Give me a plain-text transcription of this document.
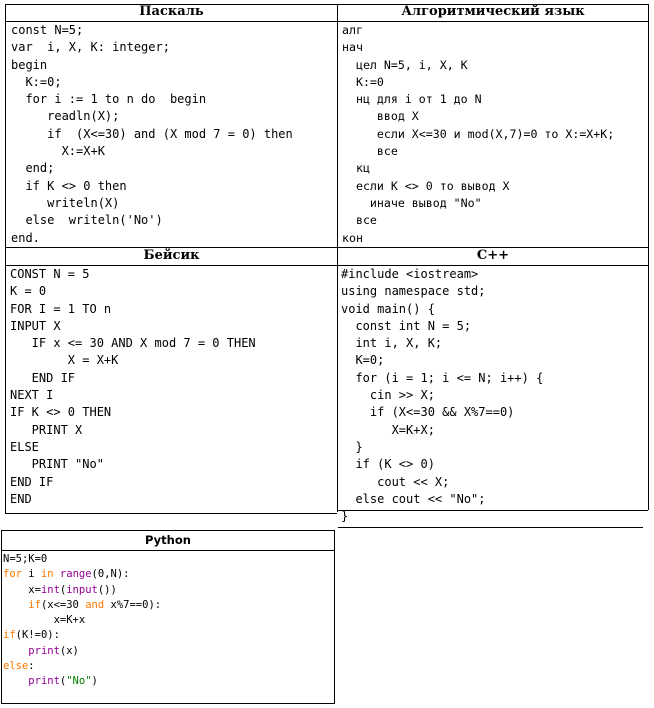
Паскаль	Алгоритмический язык
Бейсик	С++
const N=5;
var  i, X, K: integer;
begin
K:=0;
for i := 1 to n do  begin
readln(X);
if  (X<=30) and (X mod 7 = 0) then
X:=X+K
end;
if K <> 0 then
writeln(X)
else  writeln('No')
end.
алг
нач
цел N=5, i, X, K
K:=0
нц для i от 1 до N
ввод X
если X<=30 и mod(X,7)=0 то X:=X+K;
все
кц
если K <> 0 то вывод X
иначе вывод "No"
все
кон
CONST N = 5
K = 0
FOR I = 1 TO n
INPUT X
IF x <= 30 AND X mod 7 = 0 THEN
X = X+K
END IF
NEXT I
IF K <> 0 THEN
PRINT X
ELSE
PRINT "No"
END IF
END
#include <iostream>
using namespace std;
void main() {
const int N = 5;
int i, X, K;
K=0;
for (i = 1; i <= N; i++) {
cin >> X;
if (X<=30 && X%7==0)
X=K+X;
}
if (K <> 0)
cout << X;
else cout << "No";
}
Python
N=5;K=0
for i in range(0,N):
x=int(input())
if(x<=30 and x%7==0):
x=K+x
if(K!=0):
print(x)
else:
print("No")
